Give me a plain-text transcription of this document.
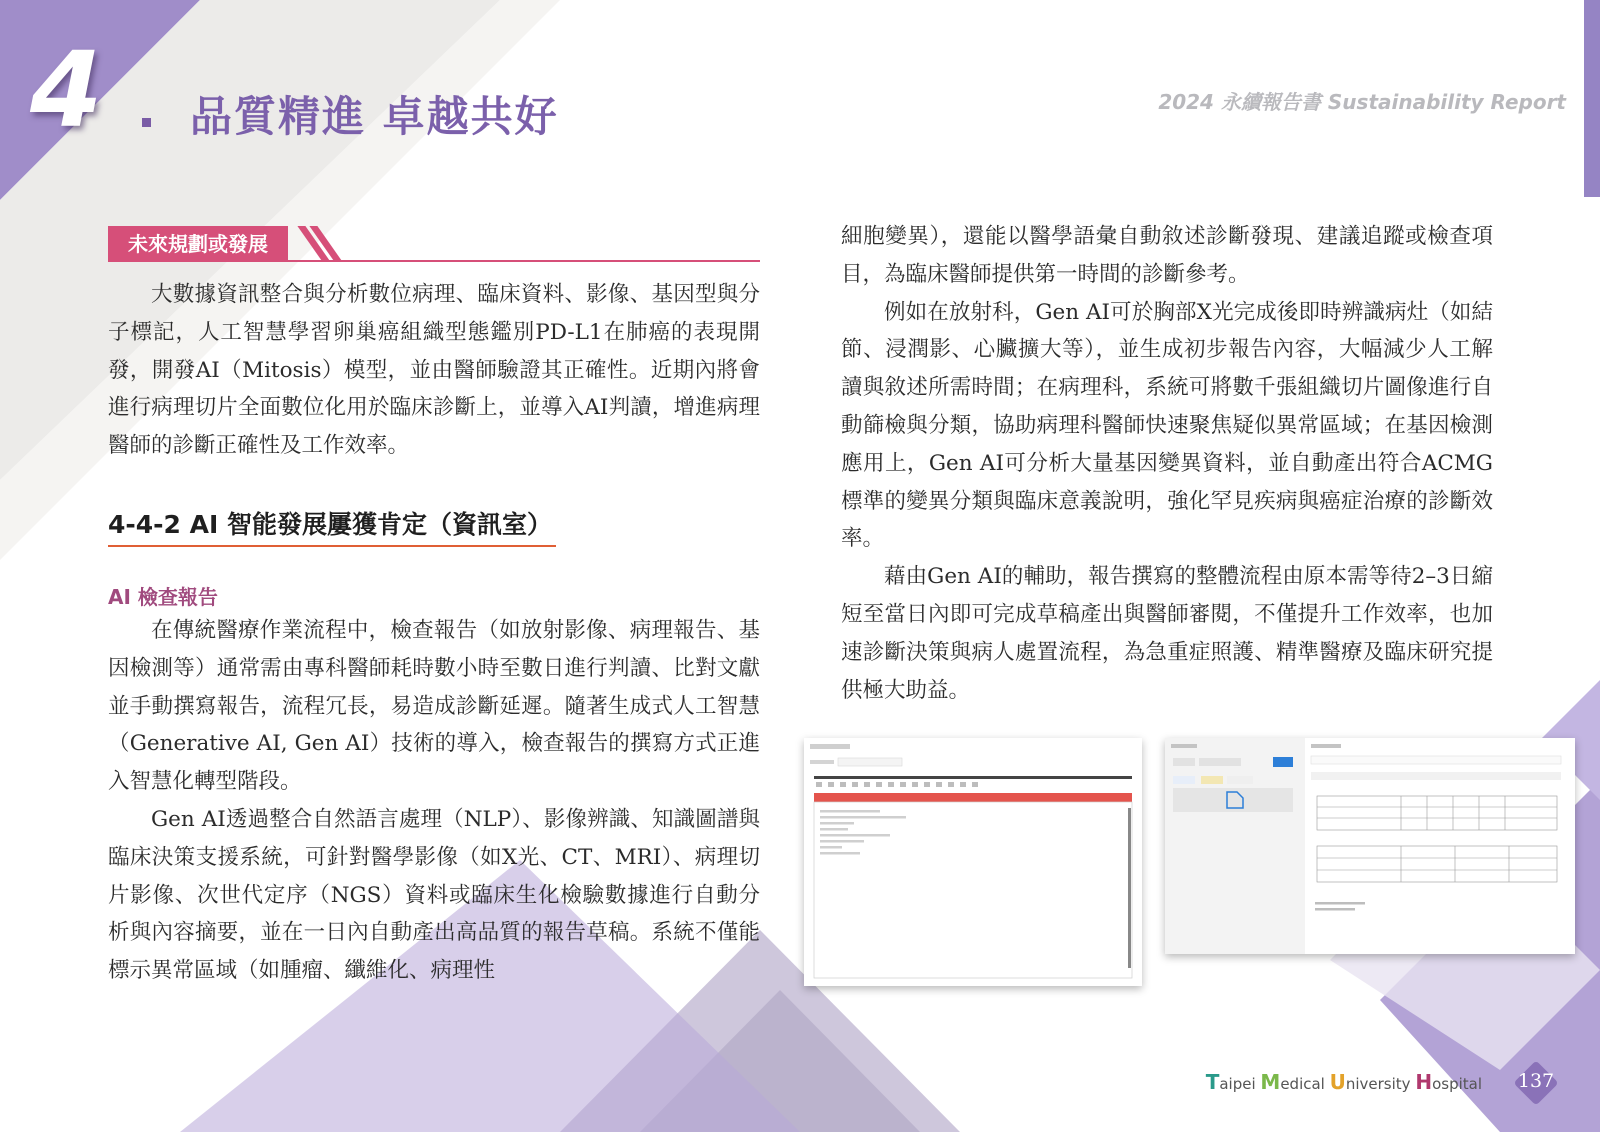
4 品質精進 卓越共好	2024 永續報告書 Sustainability Report
未來規劃或發展

大數據資訊整合與分析數位病理、臨床資料、影像、基因型與分子標記，人工智慧學習卵巢癌組織型態鑑別PD-L1在肺癌的表現開發，開發AI（Mitosis）模型，並由醫師驗證其正確性。近期內將會進行病理切片全面數位化用於臨床診斷上，並導入AI判讀，增進病理醫師的診斷正確性及工作效率。

4-4-2 AI 智能發展屢獲肯定（資訊室）
AI 檢查報告

在傳統醫療作業流程中，檢查報告（如放射影像、病理報告、基因檢測等）通常需由專科醫師耗時數小時至數日進行判讀、比對文獻並手動撰寫報告，流程冗長，易造成診斷延遲。隨著生成式人工智慧（Generative AI, Gen AI）技術的導入，檢查報告的撰寫方式正進入智慧化轉型階段。

Gen AI透過整合自然語言處理（NLP）、影像辨識、知識圖譜與臨床決策支援系統，可針對醫學影像（如X光、CT、MRI）、病理切片影像、次世代定序（NGS）資料或臨床生化檢驗數據進行自動分析與內容摘要，並在一日內自動產出高品質的報告草稿。系統不僅能標示異常區域（如腫瘤、纖維化、病理性

細胞變異），還能以醫學語彙自動敘述診斷發現、建議追蹤或檢查項目，為臨床醫師提供第一時間的診斷參考。

例如在放射科，Gen AI可於胸部X光完成後即時辨識病灶（如結節、浸潤影、心臟擴大等），並生成初步報告內容，大幅減少人工解讀與敘述所需時間；在病理科，系統可將數千張組織切片圖像進行自動篩檢與分類，協助病理科醫師快速聚焦疑似異常區域；在基因檢測應用上，Gen AI可分析大量基因變異資料，並自動產出符合ACMG標準的變異分類與臨床意義說明，強化罕見疾病與癌症治療的診斷效率。

藉由Gen AI的輔助，報告撰寫的整體流程由原本需等待2–3日縮短至當日內即可完成草稿產出與醫師審閱，不僅提升工作效率，也加速診斷決策與病人處置流程，為急重症照護、精準醫療及臨床研究提供極大助益。

Taipei Medical University Hospital 137
